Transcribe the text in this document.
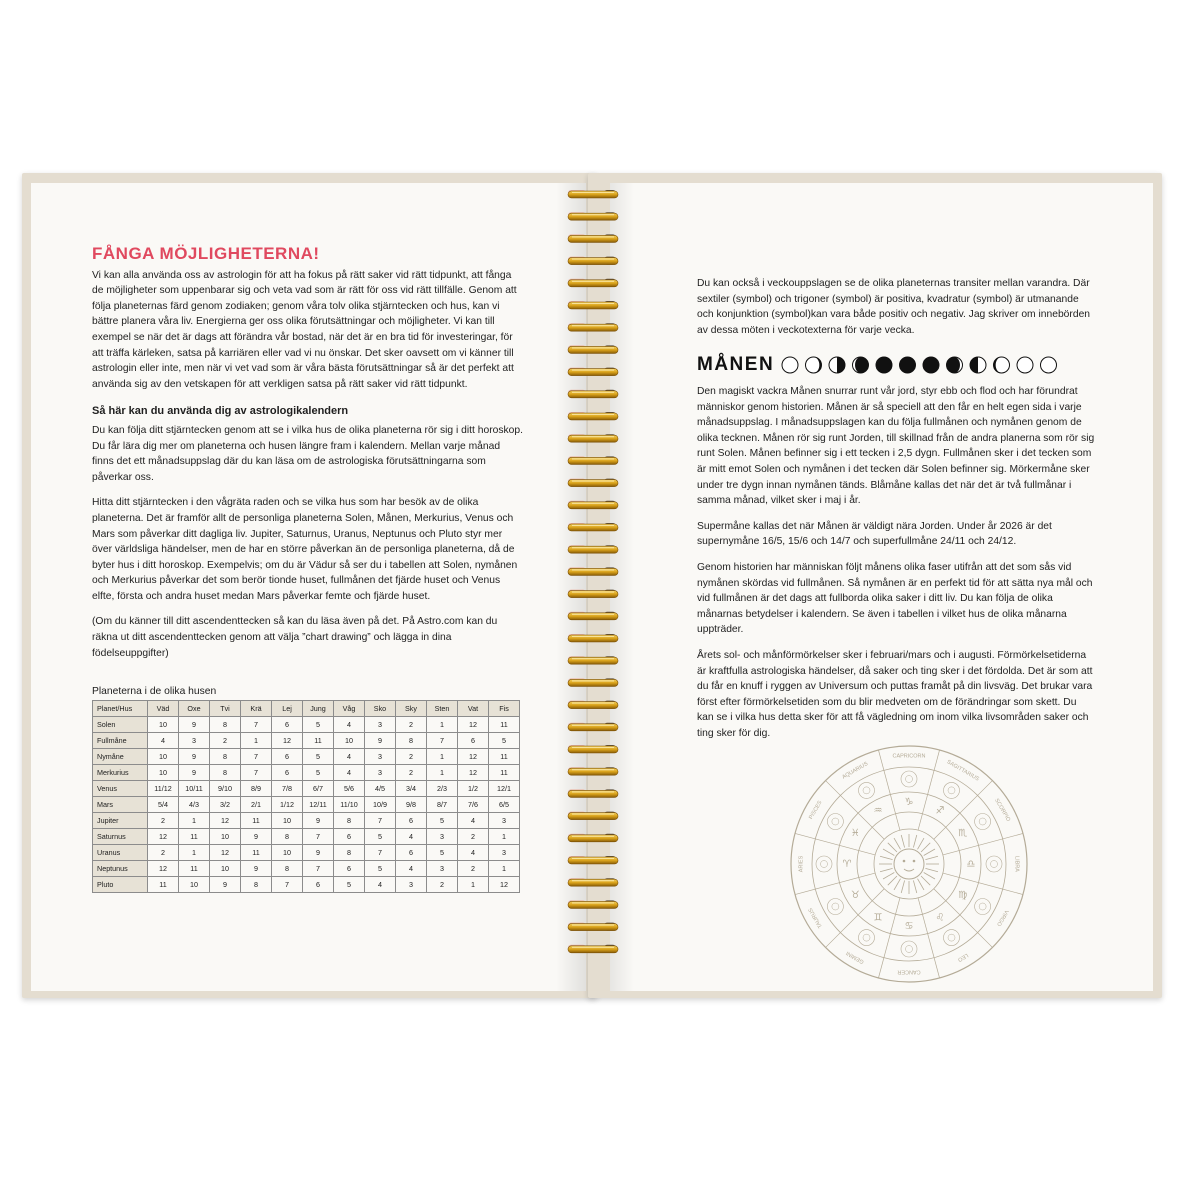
FÅNGA MÖJLIGHETERNA!

Vi kan alla använda oss av astrologin för att ha fokus på rätt saker vid rätt tidpunkt, att fånga de möjligheter som uppenbarar sig och veta vad som är rätt för oss vid rätt tillfälle. Genom att följa planeternas färd genom zodiaken; genom våra tolv olika stjärntecken och hus, kan vi bättre planera våra liv. Energierna ger oss olika förutsättningar och möjligheter. Vi kan till exempel se när det är dags att förändra vår bostad, när det är en bra tid för investeringar, för att träffa kärleken, satsa på karriären eller vad vi nu önskar. Det sker oavsett om vi känner till astrologin eller inte, men när vi vet vad som är våra bästa förutsättningar så är det perfekt att använda sig av den vetskapen för att verkligen satsa på rätt saker vid rätt tidpunkt.

Så här kan du använda dig av astrologikalendern

Du kan följa ditt stjärntecken genom att se i vilka hus de olika planeterna rör sig i ditt horoskop. Du får lära dig mer om planeterna och husen längre fram i kalendern. Mellan varje månad finns det ett månadsuppslag där du kan läsa om de astrologiska förutsättningarna som påverkar oss.

Hitta ditt stjärntecken i den vågräta raden och se vilka hus som har besök av de olika planeterna. Det är framför allt de personliga planeterna Solen, Månen, Merkurius, Venus och Mars som påverkar ditt dagliga liv. Jupiter, Saturnus, Uranus, Neptunus och Pluto styr mer över världsliga händelser, men de har en större påverkan än de personliga planeterna, då de byter hus i ditt horoskop. Exempelvis; om du är Vädur så ser du i tabellen att Solen, nymånen och Merkurius påverkar det som berör tionde huset, fullmånen det fjärde huset och Venus elfte, första och andra huset medan Mars påverkar femte och fjärde huset.

(Om du känner till ditt ascendenttecken så kan du läsa även på det. På Astro.com kan du räkna ut ditt ascendenttecken genom att välja ”chart drawing” och lägga in dina födelseuppgifter)

Planeterna i de olika husen
Planet/Hus	Väd	Oxe	Tvi	Krä	Lej	Jung	Våg	Sko	Sky	Sten	Vat	Fis
Solen	10	9	8	7	6	5	4	3	2	1	12	11
Fullmåne	4	3	2	1	12	11	10	9	8	7	6	5
Nymåne	10	9	8	7	6	5	4	3	2	1	12	11
Merkurius	10	9	8	7	6	5	4	3	2	1	12	11
Venus	11/12	10/11	9/10	8/9	7/8	6/7	5/6	4/5	3/4	2/3	1/2	12/1
Mars	5/4	4/3	3/2	2/1	1/12	12/11	11/10	10/9	9/8	8/7	7/6	6/5
Jupiter	2	1	12	11	10	9	8	7	6	5	4	3
Saturnus	12	11	10	9	8	7	6	5	4	3	2	1
Uranus	2	1	12	11	10	9	8	7	6	5	4	3
Neptunus	12	11	10	9	8	7	6	5	4	3	2	1
Pluto	11	10	9	8	7	6	5	4	3	2	1	12

Du kan också i veckouppslagen se de olika planeternas transiter mellan varandra. Där sextiler (symbol) och trigoner (symbol) är positiva, kvadratur (symbol) är utmanande och konjunktion (symbol)kan vara både positiv och negativ. Jag skriver om innebörden av dessa möten i veckotexterna för varje vecka.

MÅNEN

Den magiskt vackra Månen snurrar runt vår jord, styr ebb och flod och har förundrat människor genom historien. Månen är så speciell att den får en helt egen sida i varje månadsuppslag. I månadsuppslagen kan du följa fullmånen och nymånen genom de olika tecknen. Månen rör sig runt Jorden, till skillnad från de andra planerna som rör sig runt Solen. Månen befinner sig i ett tecken i 2,5 dygn. Fullmånen sker i det tecken som är mitt emot Solen och nymånen i det tecken där Solen befinner sig. Mörkermåne sker under tre dygn innan nymånen tänds. Blåmåne kallas det när det är två fullmånar i samma månad, vilket sker i maj i år.

Supermåne kallas det när Månen är väldigt nära Jorden. Under år 2026 är det supernymåne 16/5, 15/6 och 14/7 och superfullmåne 24/11 och 24/12.

Genom historien har människan följt månens olika faser utifrån att det som sås vid nymånen skördas vid fullmånen. Så nymånen är en perfekt tid för att sätta nya mål och vid fullmånen är det dags att fullborda olika saker i ditt liv. Du kan följa de olika månarnas betydelser i kalendern. Se även i tabellen i vilket hus de olika månarna uppträder.

Årets sol- och månförmörkelser sker i februari/mars och i augusti. Förmörkelsetiderna är kraftfulla astrologiska händelser, då saker och ting sker i det fördolda. Det är som att du får en knuff i ryggen av Universum och puttas framåt på din livsväg. Det brukar vara först efter förmörkelsetiden som du blir medveten om de förändringar som skett. Du kan se i vilka hus detta sker för att få vägledning om inom vilka livsområden saker och ting sker för dig.

CAPRICORN
♑
SAGITTARIUS
♐	SCORPIO
♏
LIBRA
♎
VIRGO
♍
LEO
♌
CANCER
♋
GEMINI
♊
TAURUS
♉
ARIES	♈
PISCES
♓
AQUARIUS
♒
